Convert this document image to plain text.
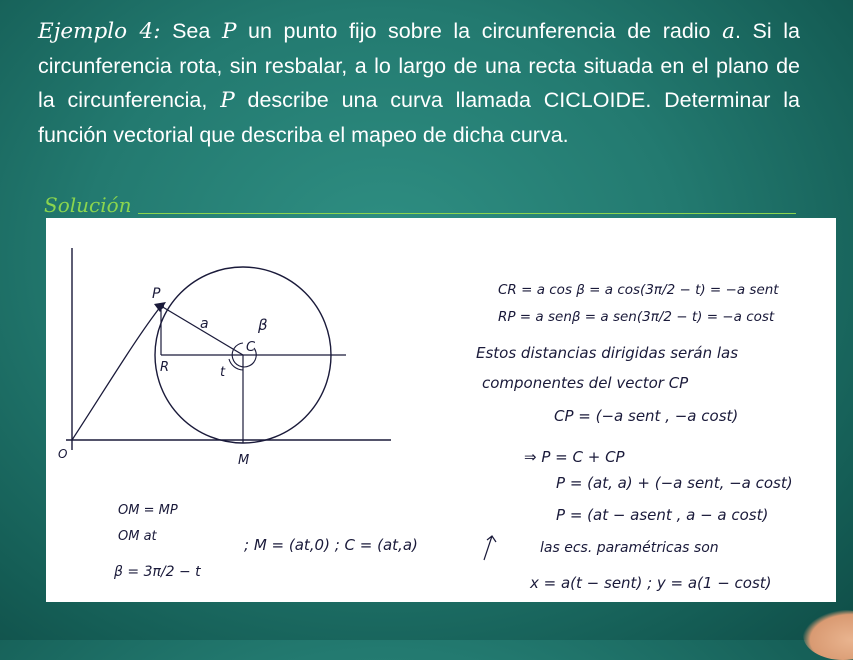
Ejemplo 4: Sea P un punto fijo sobre la circunferencia de radio a. Si la circunferencia rota, sin resbalar, a lo largo de una recta situada en el plano de la circunferencia, P describe una curva llamada CICLOIDE. Determinar la función vectorial que describa el mapeo de dicha curva.
Solución
P
a	β
C
R	t
O	M
OM = MP
OM at
β = 3π/2 − t
; M = (at,0) ; C = (at,a)
CR = a cos β = a cos(3π/2 − t) = −a sent
RP = a senβ = a sen(3π/2 − t) = −a cost
Estos distancias dirigidas serán las
componentes del vector CP
CP = (−a sent , −a cost)
⇒ P = C + CP
P = (at, a) + (−a sent, −a cost)
P = (at − asent , a − a cost)
las ecs. paramétricas son
x = a(t − sent) ; y = a(1 − cost)
